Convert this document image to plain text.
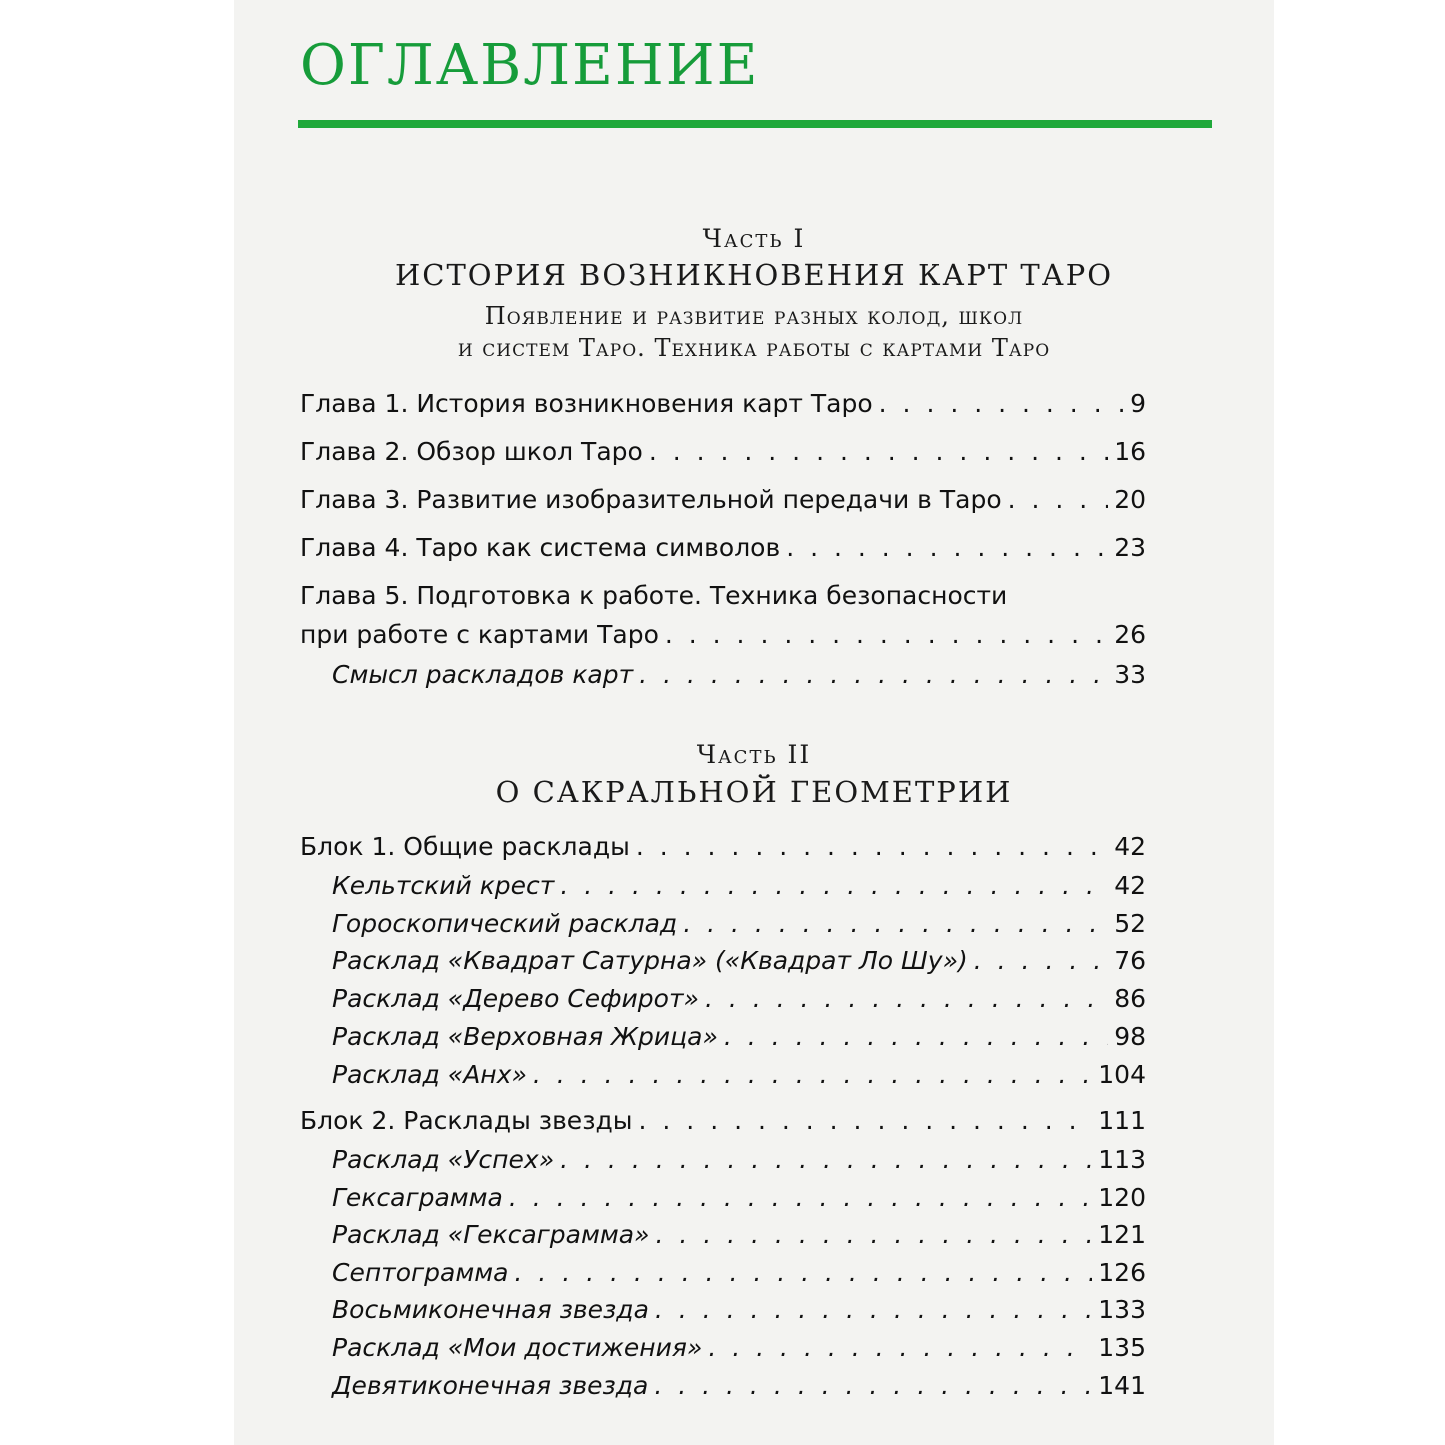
ОГЛАВЛЕНИЕ
Часть I
ИСТОРИЯ ВОЗНИКНОВЕНИЯ КАРТ ТАРО
Появление и развитие разных колод, школ
и систем Таро. Техника работы с картами Таро
Глава 1. История возникновения карт Таро . . .	9
Глава 2. Обзор школ Таро . . .	16
Глава 3. Развитие изобразительной передачи в Таро . . .	20
Глава 4. Таро как система символов . . .	23
Глава 5. Подготовка к работе. Техника безопасности
при работе с картами Таро . . .	26
Смысл раскладов карт . . .	33
Часть II
О САКРАЛЬНОЙ ГЕОМЕТРИИ
Блок 1. Общие расклады . . .	42
Кельтский крест . . .	42
Гороскопический расклад . . .	52
Расклад «Квадрат Сатурна» («Квадрат Ло Шу») . . .	76
Расклад «Дерево Сефирот» . . .	86
Расклад «Верховная Жрица» . . .	98
Расклад «Анх» . . .	104
Блок 2. Расклады звезды . . .	111
Расклад «Успех» . . .	113
Гексаграмма . . .	120
Расклад «Гексаграмма» . . .	121
Септограмма . . .	126
Восьмиконечная звезда . . .	133
Расклад «Мои достижения» . . .	135
Девятиконечная звезда . . .	141
